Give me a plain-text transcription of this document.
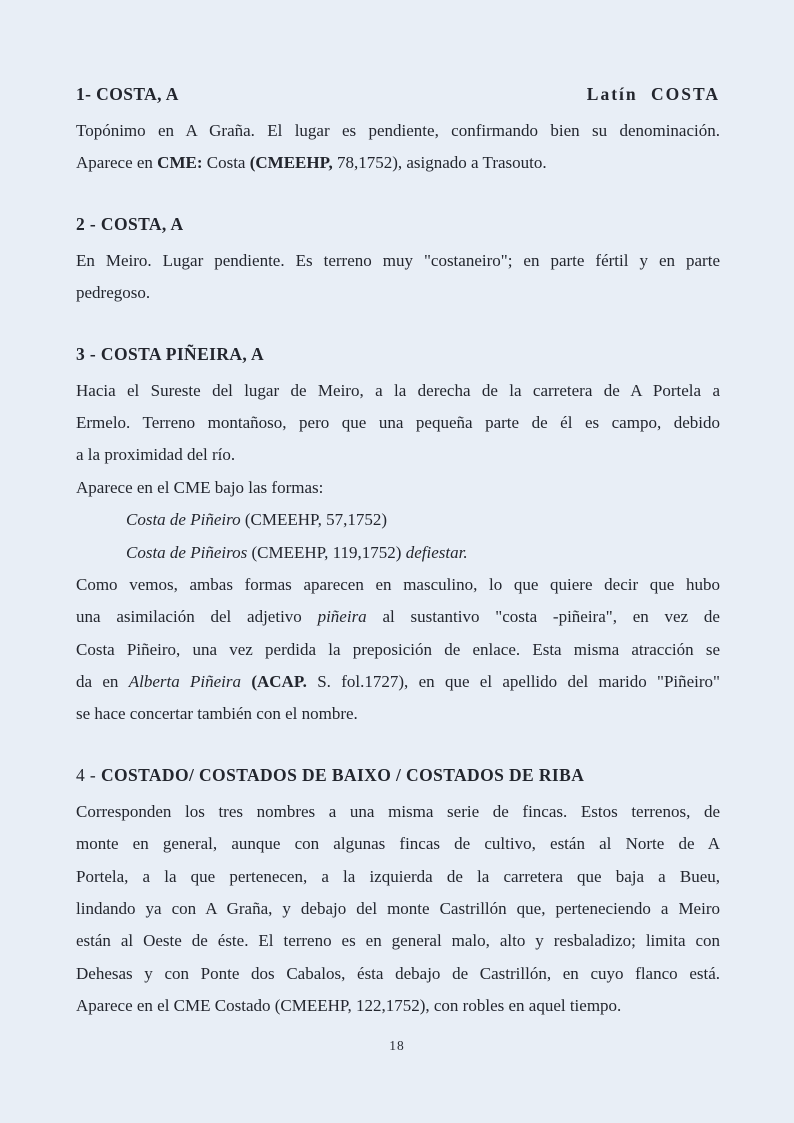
1- COSTA, A	Latín COSTA
Topónimo en A Graña. El lugar es pendiente, confirmando bien su denominación.
Aparece en CME: Costa (CMEEHP, 78,1752), asignado a Trasouto.
2 - COSTA, A
En Meiro. Lugar pendiente. Es terreno muy "costaneiro"; en parte fértil y en parte
pedregoso.
3 - COSTA PIÑEIRA, A
Hacia el Sureste del lugar de Meiro, a la derecha de la carretera de A Portela a
Ermelo. Terreno montañoso, pero que una pequeña parte de él es campo, debido
a la proximidad del río.
Aparece en el CME bajo las formas:
Costa de Piñeiro (CMEEHP, 57,1752)
Costa de Piñeiros (CMEEHP, 119,1752) defiestar.
Como vemos, ambas formas aparecen en masculino, lo que quiere decir que hubo
una asimilación del adjetivo piñeira al sustantivo "costa -piñeira", en vez de
Costa Piñeiro, una vez perdida la preposición de enlace. Esta misma atracción se
da en Alberta Piñeira (ACAP. S. fol.1727), en que el apellido del marido "Piñeiro"
se hace concertar también con el nombre.
4 - COSTADO/ COSTADOS DE BAIXO / COSTADOS DE RIBA
Corresponden los tres nombres a una misma serie de fincas. Estos terrenos, de
monte en general, aunque con algunas fincas de cultivo, están al Norte de A
Portela, a la que pertenecen, a la izquierda de la carretera que baja a Bueu,
lindando ya con A Graña, y debajo del monte Castrillón que, perteneciendo a Meiro
están al Oeste de éste. El terreno es en general malo, alto y resbaladizo; limita con
Dehesas y con Ponte dos Cabalos, ésta debajo de Castrillón, en cuyo flanco está.
Aparece en el CME Costado (CMEEHP, 122,1752), con robles en aquel tiempo.
18
